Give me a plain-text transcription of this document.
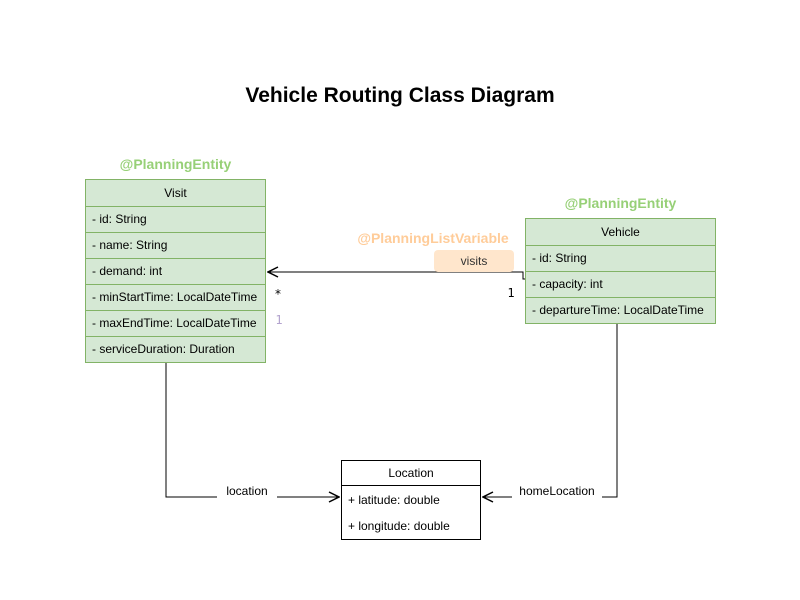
Vehicle Routing Class Diagram
@PlanningEntity
Visit
- id: String
- name: String
- demand: int
- minStartTime: LocalDateTime
- maxEndTime: LocalDateTime
- serviceDuration: Duration
@PlanningEntity
Vehicle
- id: String
- capacity: int
- departureTime: LocalDateTime
Location
+ latitude: double
+ longitude: double
@PlanningListVariable
visits
*
1
1
location	homeLocation
